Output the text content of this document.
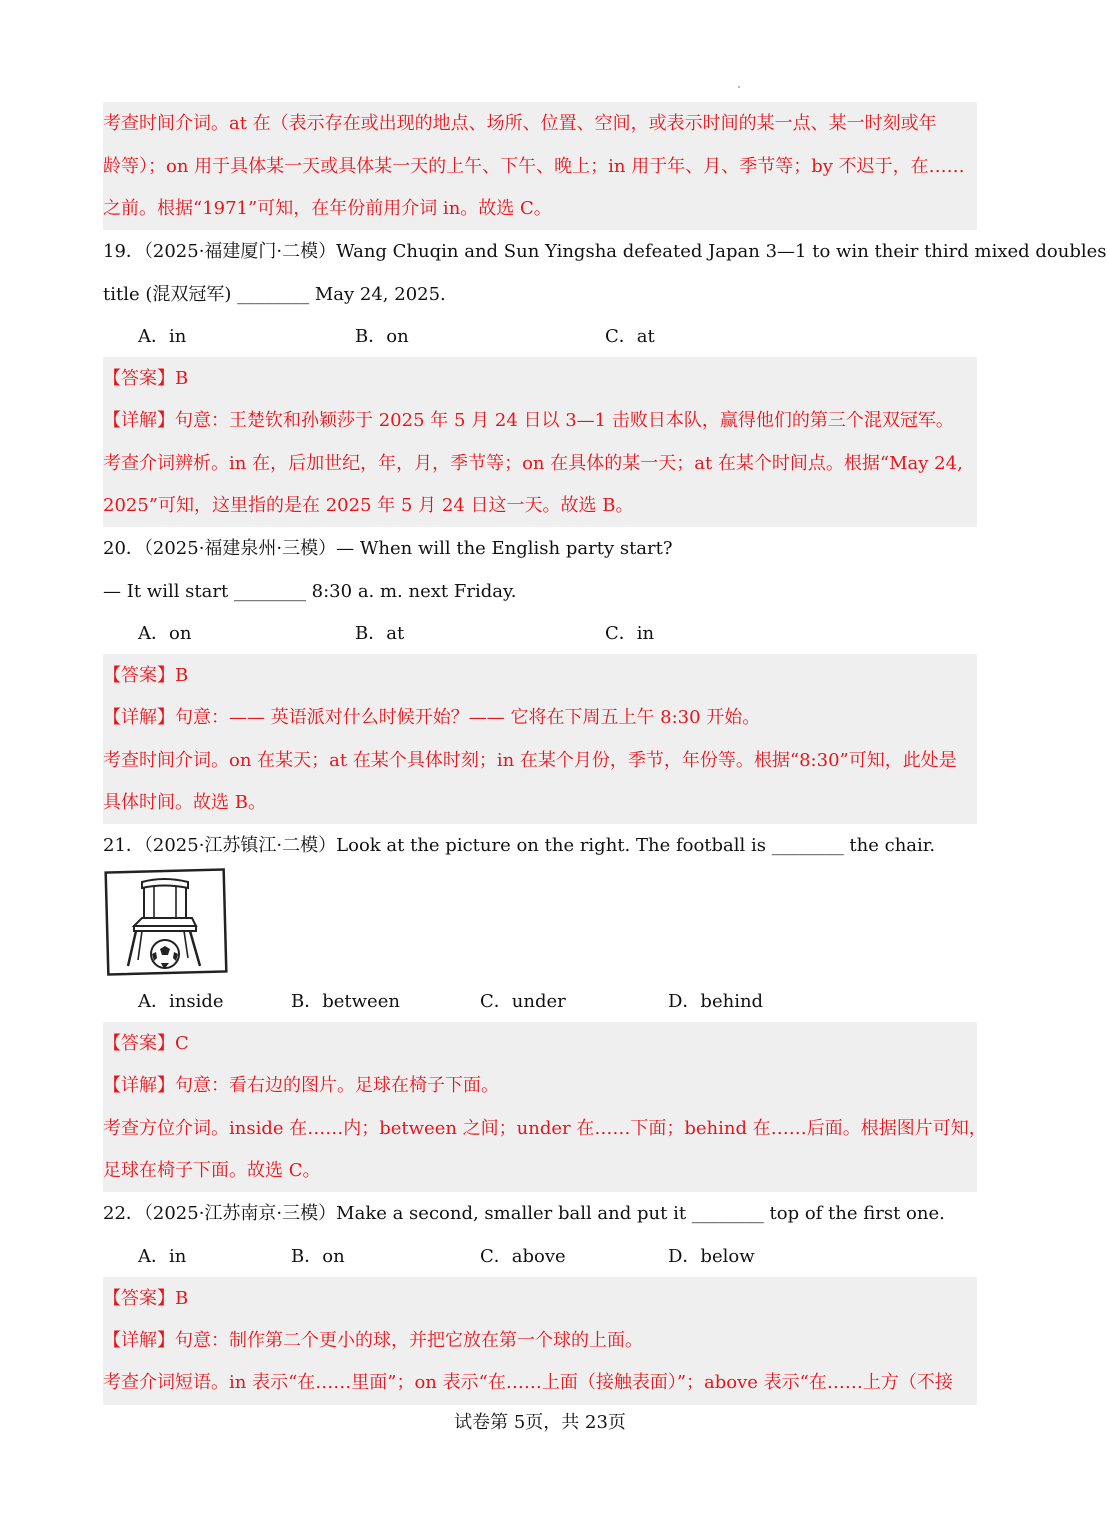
考查时间介词。at 在（表示存在或出现的地点、场所、位置、空间，或表示时间的某一点、某一时刻或年
龄等）；on 用于具体某一天或具体某一天的上午、下午、晚上；in 用于年、月、季节等；by 不迟于，在……
之前。根据“1971”可知，在年份前用介词 in。故选 C。
19．（2025·福建厦门·二模）Wang Chuqin and Sun Yingsha defeated Japan 3—1 to win their third mixed doubles
title (混双冠军) ________ May 24, 2025.
A．in	B．on	C．at
【答案】B
【详解】句意：王楚钦和孙颖莎于 2025 年 5 月 24 日以 3—1 击败日本队，赢得他们的第三个混双冠军。
考查介词辨析。in 在，后加世纪，年，月，季节等；on 在具体的某一天；at 在某个时间点。根据“May 24,
2025”可知，这里指的是在 2025 年 5 月 24 日这一天。故选 B。
20．（2025·福建泉州·三模）— When will the English party start?
— It will start ________ 8:30 a. m. next Friday.
A．on	B．at	C．in
【答案】B
【详解】句意：—— 英语派对什么时候开始？—— 它将在下周五上午 8:30 开始。
考查时间介词。on 在某天；at 在某个具体时刻；in 在某个月份，季节，年份等。根据“8:30”可知，此处是
具体时间。故选 B。
21．（2025·江苏镇江·二模）Look at the picture on the right. The football is ________ the chair.
A．inside	B．between	C．under	D．behind
【答案】C
【详解】句意：看右边的图片。足球在椅子下面。
考查方位介词。inside 在……内；between 之间；under 在……下面；behind 在……后面。根据图片可知，
足球在椅子下面。故选 C。
22．（2025·江苏南京·三模）Make a second, smaller ball and put it ________ top of the first one.
A．in	B．on	C．above	D．below
【答案】B
【详解】句意：制作第二个更小的球，并把它放在第一个球的上面。
考查介词短语。in 表示“在……里面”；on 表示“在……上面（接触表面）”；above 表示“在……上方（不接
试卷第 5页，共 23页
